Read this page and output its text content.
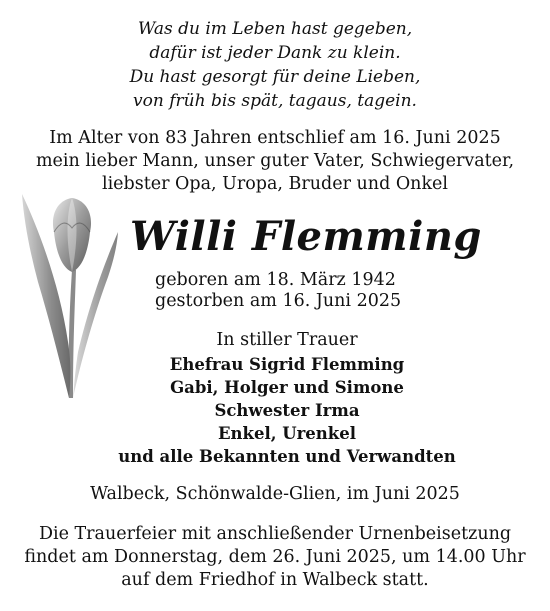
Was du im Leben hast gegeben,
dafür ist jeder Dank zu klein.
Du hast gesorgt für deine Lieben,
von früh bis spät, tagaus, tagein.
Im Alter von 83 Jahren entschlief am 16. Juni 2025
mein lieber Mann, unser guter Vater, Schwiegervater,
liebster Opa, Uropa, Bruder und Onkel
Willi Flemming
geboren am 18. März 1942
gestorben am 16. Juni 2025
In stiller Trauer
Ehefrau Sigrid Flemming
Gabi, Holger und Simone
Schwester Irma
Enkel, Urenkel
und alle Bekannten und Verwandten
Walbeck, Schönwalde-Glien, im Juni 2025
Die Trauerfeier mit anschließender Urnenbeisetzung
findet am Donnerstag, dem 26. Juni 2025, um 14.00 Uhr
auf dem Friedhof in Walbeck statt.
